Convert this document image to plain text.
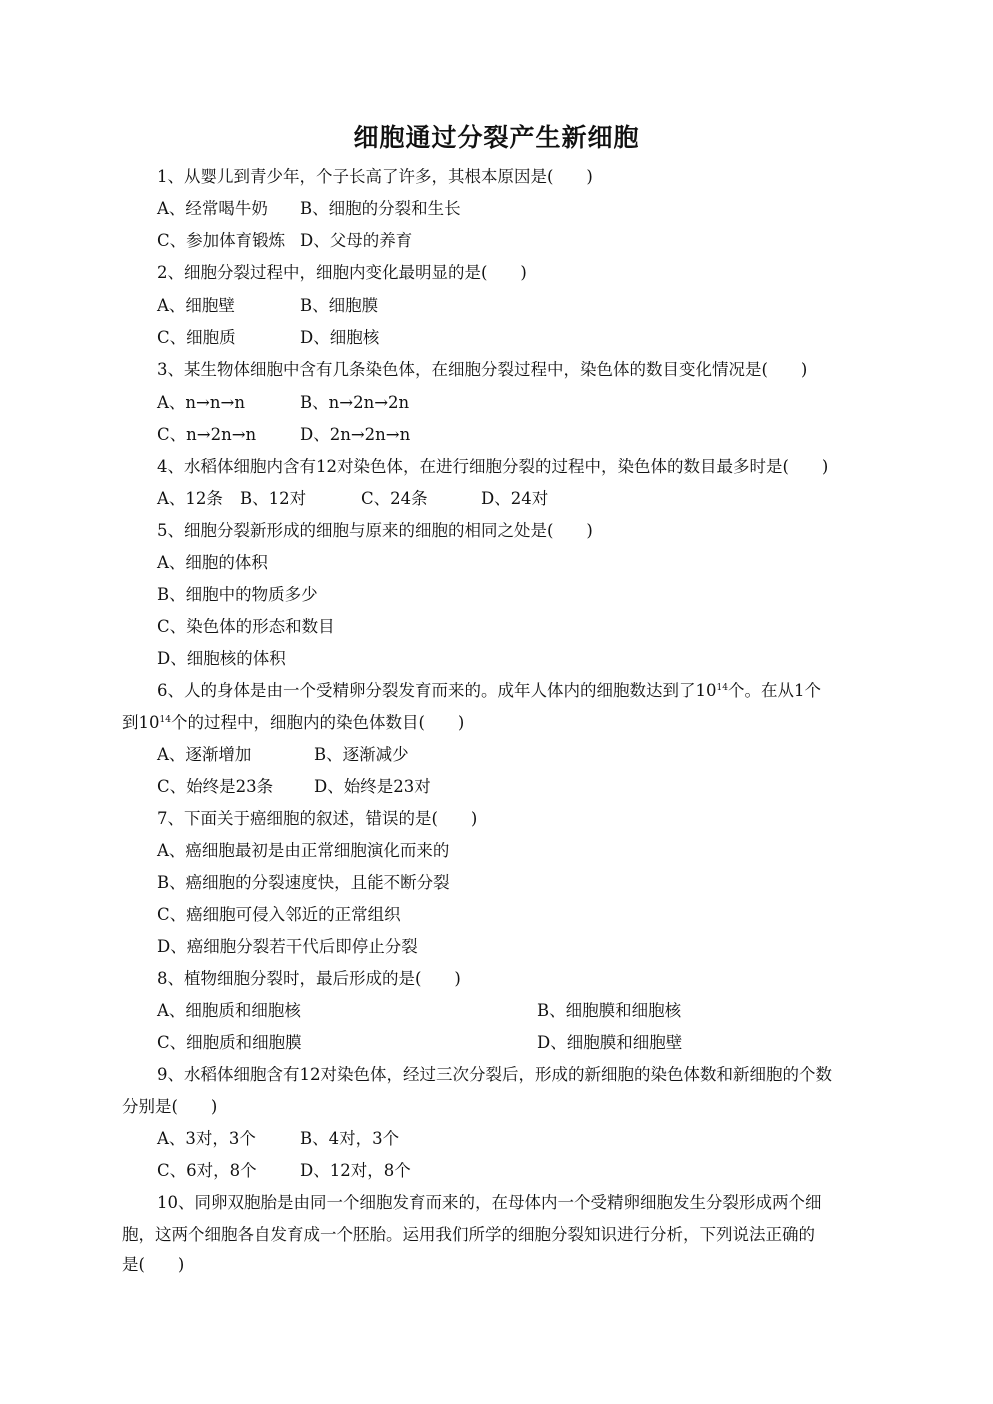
细胞通过分裂产生新细胞
1、从婴儿到青少年，个子长高了许多，其根本原因是(　　)
A、经常喝牛奶 B、细胞的分裂和生长
C、参加体育锻炼 D、父母的养育
2、细胞分裂过程中，细胞内变化最明显的是(　　)
A、细胞壁	B、细胞膜
C、细胞质	D、细胞核
3、某生物体细胞中含有几条染色体，在细胞分裂过程中，染色体的数目变化情况是(　　)
A、n→n→n	B、n→2n→2n
C、n→2n→n	D、2n→2n→n
4、水稻体细胞内含有12对染色体，在进行细胞分裂的过程中，染色体的数目最多时是(　　)
A、12条 B、12对	C、24条	D、24对
5、细胞分裂新形成的细胞与原来的细胞的相同之处是(　　)
A、细胞的体积
B、细胞中的物质多少
C、染色体的形态和数目
D、细胞核的体积
6、人的身体是由一个受精卵分裂发育而来的。成年人体内的细胞数达到了$10^{14}$个。在从1个
到$10^{14}$个的过程中，细胞内的染色体数目(　　)
A、逐渐增加	B、逐渐减少
C、始终是23条 D、始终是23对
7、下面关于癌细胞的叙述，错误的是(　　)
A、癌细胞最初是由正常细胞演化而来的
B、癌细胞的分裂速度快，且能不断分裂
C、癌细胞可侵入邻近的正常组织
D、癌细胞分裂若干代后即停止分裂
8、植物细胞分裂时，最后形成的是(　　)
A、细胞质和细胞核	B、细胞膜和细胞核
C、细胞质和细胞膜	D、细胞膜和细胞壁
9、水稻体细胞含有12对染色体，经过三次分裂后，形成的新细胞的染色体数和新细胞的个数
分别是(　　)
A、3对，3个	B、4对，3个
C、6对，8个	D、12对，8个
10、同卵双胞胎是由同一个细胞发育而来的，在母体内一个受精卵细胞发生分裂形成两个细
胞，这两个细胞各自发育成一个胚胎。运用我们所学的细胞分裂知识进行分析，下列说法正确的
是(　　)
